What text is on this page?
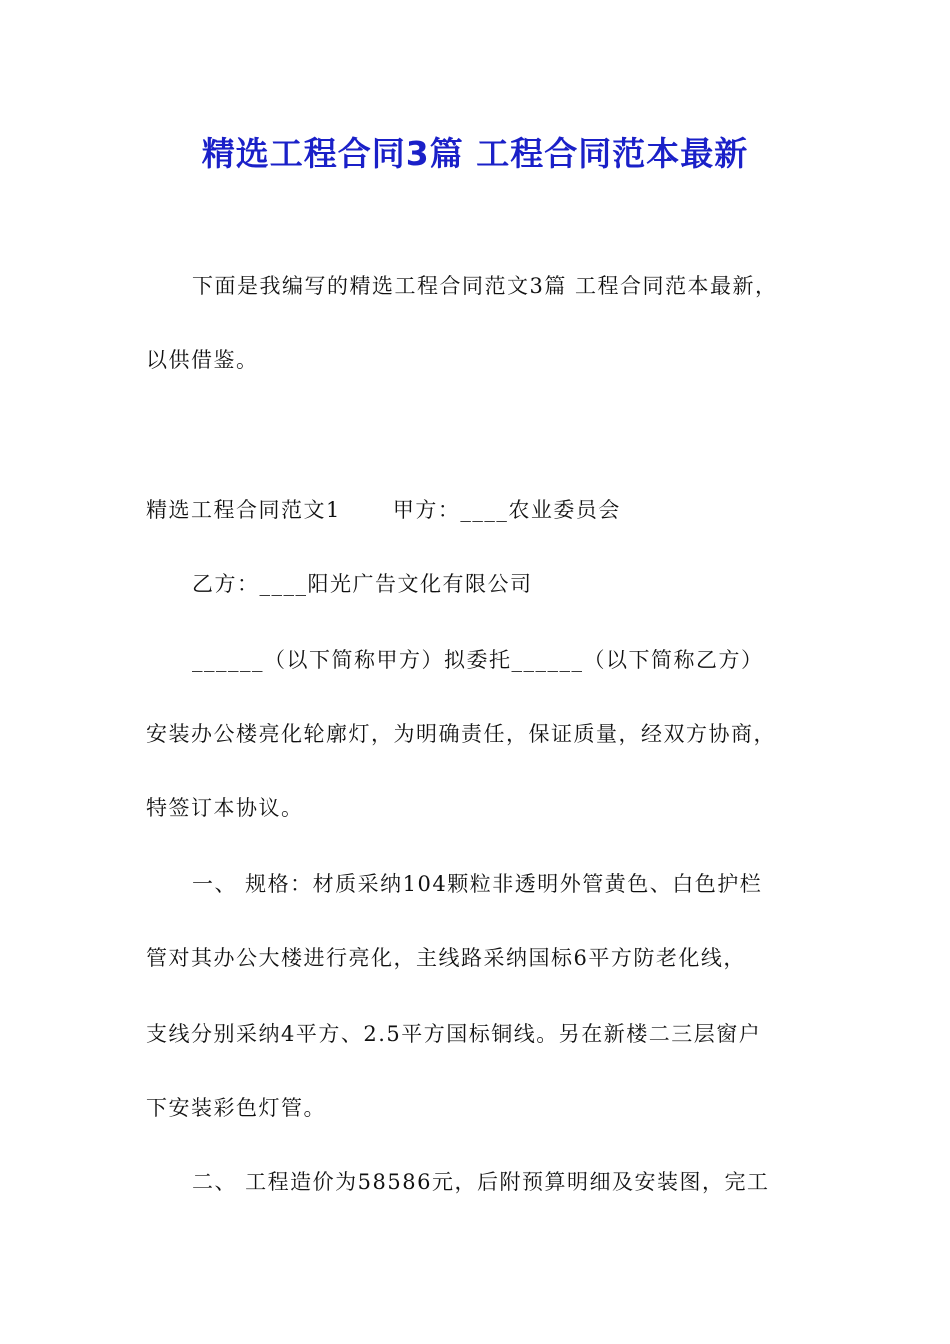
精选工程合同3篇 工程合同范本最新
下面是我编写的精选工程合同范文3篇 工程合同范本最新，
以供借鉴。
精选工程合同范文1 甲方：____农业委员会
乙方：____阳光广告文化有限公司
______（以下简称甲方）拟委托______（以下简称乙方）
安装办公楼亮化轮廓灯，为明确责任，保证质量，经双方协商，
特签订本协议。
一、 规格：材质采纳104颗粒非透明外管黄色、白色护栏
管对其办公大楼进行亮化，主线路采纳国标6平方防老化线，
支线分别采纳4平方、2.5平方国标铜线。另在新楼二三层窗户
下安装彩色灯管。
二、 工程造价为58586元，后附预算明细及安装图，完工
